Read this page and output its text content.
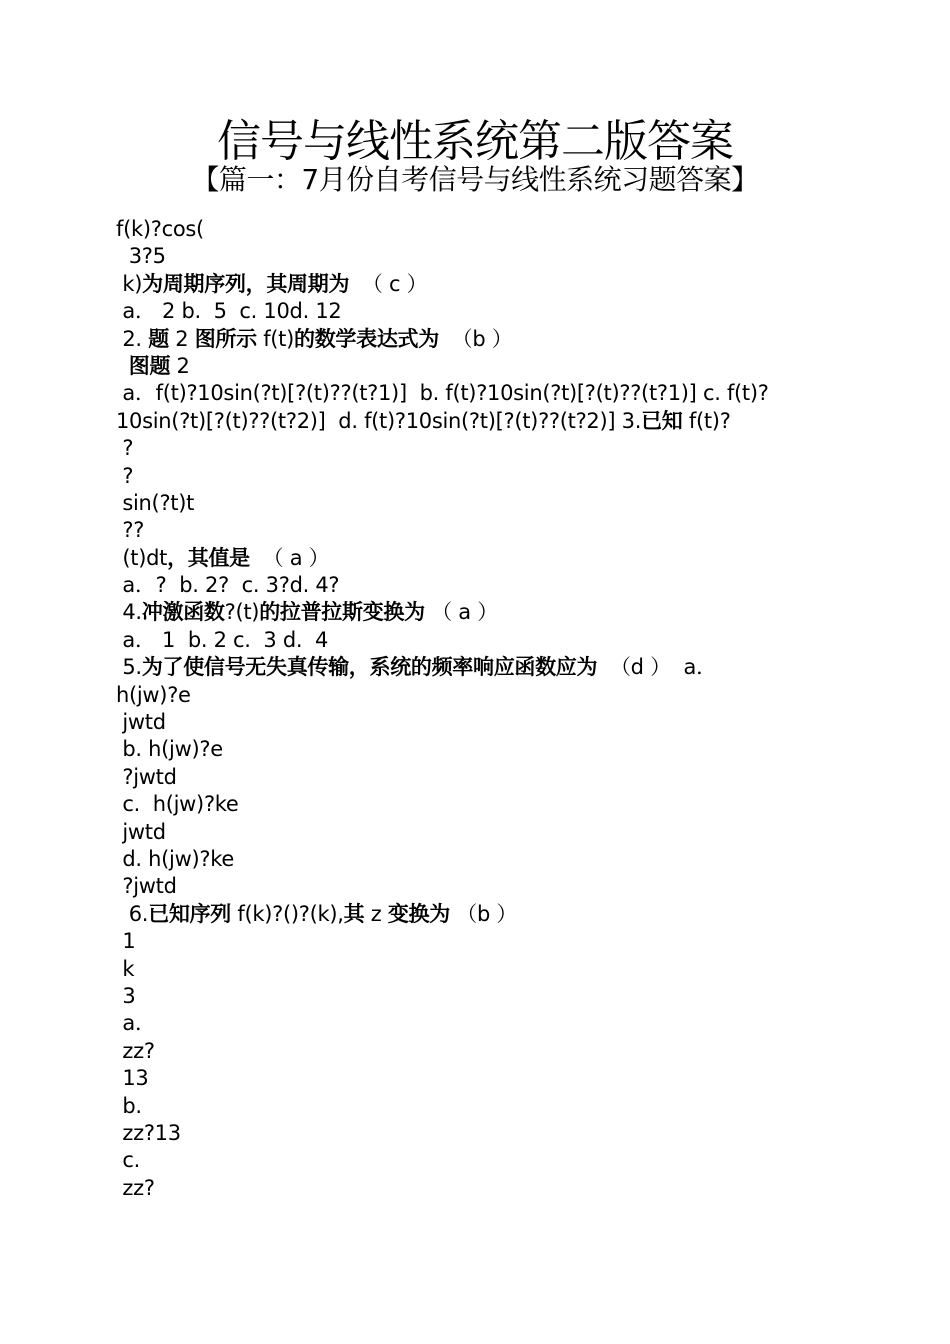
信号与线性系统第二版答案
【篇一：7月份自考信号与线性系统习题答案】
f(k)?cos(
3?5
k)为周期序列，其周期为  （ c ）
a． 2 b.  5  c. 10d. 12
2. 题 2 图所示 f(t)的数学表达式为  （b ）
图题 2
a．f(t)?10sin(?t)[?(t)??(t?1)]  b. f(t)?10sin(?t)[?(t)??(t?1)] c. f(t)?
10sin(?t)[?(t)??(t?2)]  d. f(t)?10sin(?t)[?(t)??(t?2)] 3.已知 f(t)?
?
?
sin(?t)t
??
(t)dt，其值是  （ a ）
a．?  b. 2?  c. 3?d. 4?
4.冲激函数?(t)的拉普拉斯变换为 （ a ）
a． 1  b. 2 c.  3 d.  4
5.为了使信号无失真传输，系统的频率响应函数应为  （d ）  a．
h(jw)?e
jwtd
b. h(jw)?e
?jwtd
c.  h(jw)?ke
jwtd
d. h(jw)?ke
?jwtd
6.已知序列 f(k)?()?(k),其 z 变换为 （b ）
1
k
3
a．
zz?
13
b.
zz?13
c.
zz?
